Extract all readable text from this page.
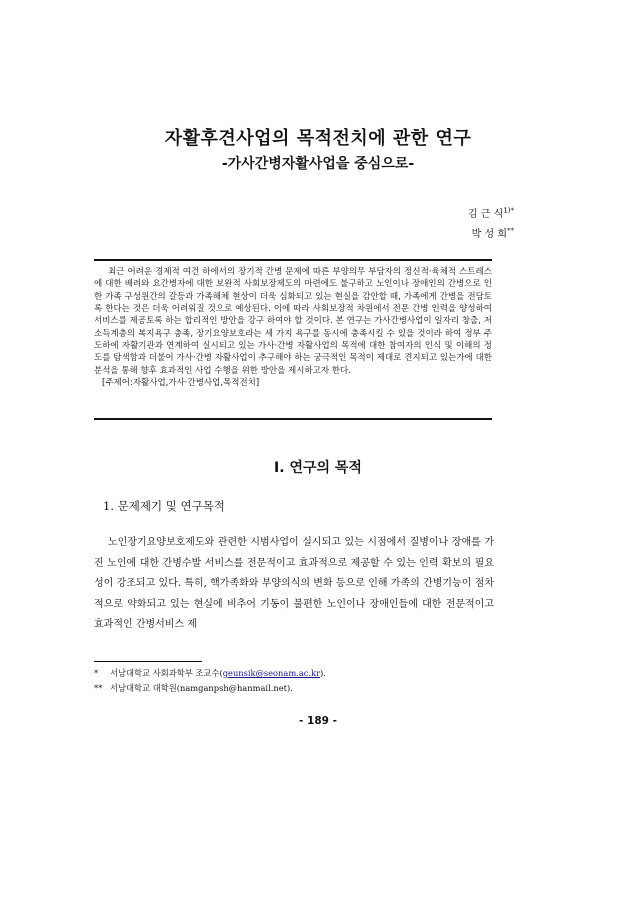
자활후견사업의 목적전치에 관한 연구
-가사간병자활사업을 중심으로-
김 근 식$^{1)*}$
박 성 희**

최근 어려운 경제적 여건 하에서의 장기적 간병 문제에 따른 부양의무 부담자의 정신적·육체적 스트레스에 대한 배려와 요간병자에 대한 보완적 사회보장제도의 마련에도 불구하고 노인이나 장애인의 간병으로 인한 가족 구성원간의 갈등과 가족해체 현상이 더욱 심화되고 있는 현실을 감안할 때, 가족에게 간병을 전담토록 한다는 것은 더욱 어려워질 것으로 예상된다. 이에 따라 사회보장적 차원에서 전문 간병 인력을 양성하여 서비스를 제공토록 하는 합리적인 방안을 강구 하여야 할 것이다. 본 연구는 가사간병사업이 일자리 창출, 저소득계층의 복지욕구 충족, 장기요양보호라는 세 가지 욕구를 동시에 충족시킬 수 있을 것이라 하여 정부 주도하에 자활기관과 연계하여 실시되고 있는 가사·간병 자활사업의 목적에 대한 참여자의 인식 및 이해의 정도를 탐색함과 더불어 가사·간병 자활사업이 추구해야 하는 궁극적인 목적이 제대로 견지되고 있는가에 대한 분석을 통해 향후 효과적인 사업 수행을 위한 방안을 제시하고자 한다.

[주제어:자활사업,가사·간병사업,목적전치]

Ⅰ. 연구의 목적
1. 문제제기 및 연구목적

노인장기요양보호제도와 관련한 시범사업이 실시되고 있는 시점에서 질병이나 장애를 가진 노인에 대한 간병수발 서비스를 전문적이고 효과적으로 제공할 수 있는 인력 확보의 필요성이 강조되고 있다. 특히, 핵가족화와 부양의식의 변화 등으로 인해 가족의 간병기능이 점차적으로 약화되고 있는 현실에 비추어 기동이 불편한 노인이나 장애인들에 대한 전문적이고 효과적인 간병서비스 제

* 서남대학교 사회과학부 조교수(geunsik@seonam.ac.kr).
** 서남대학교 대학원(namganpsh@hanmail.net).
- 189 -
